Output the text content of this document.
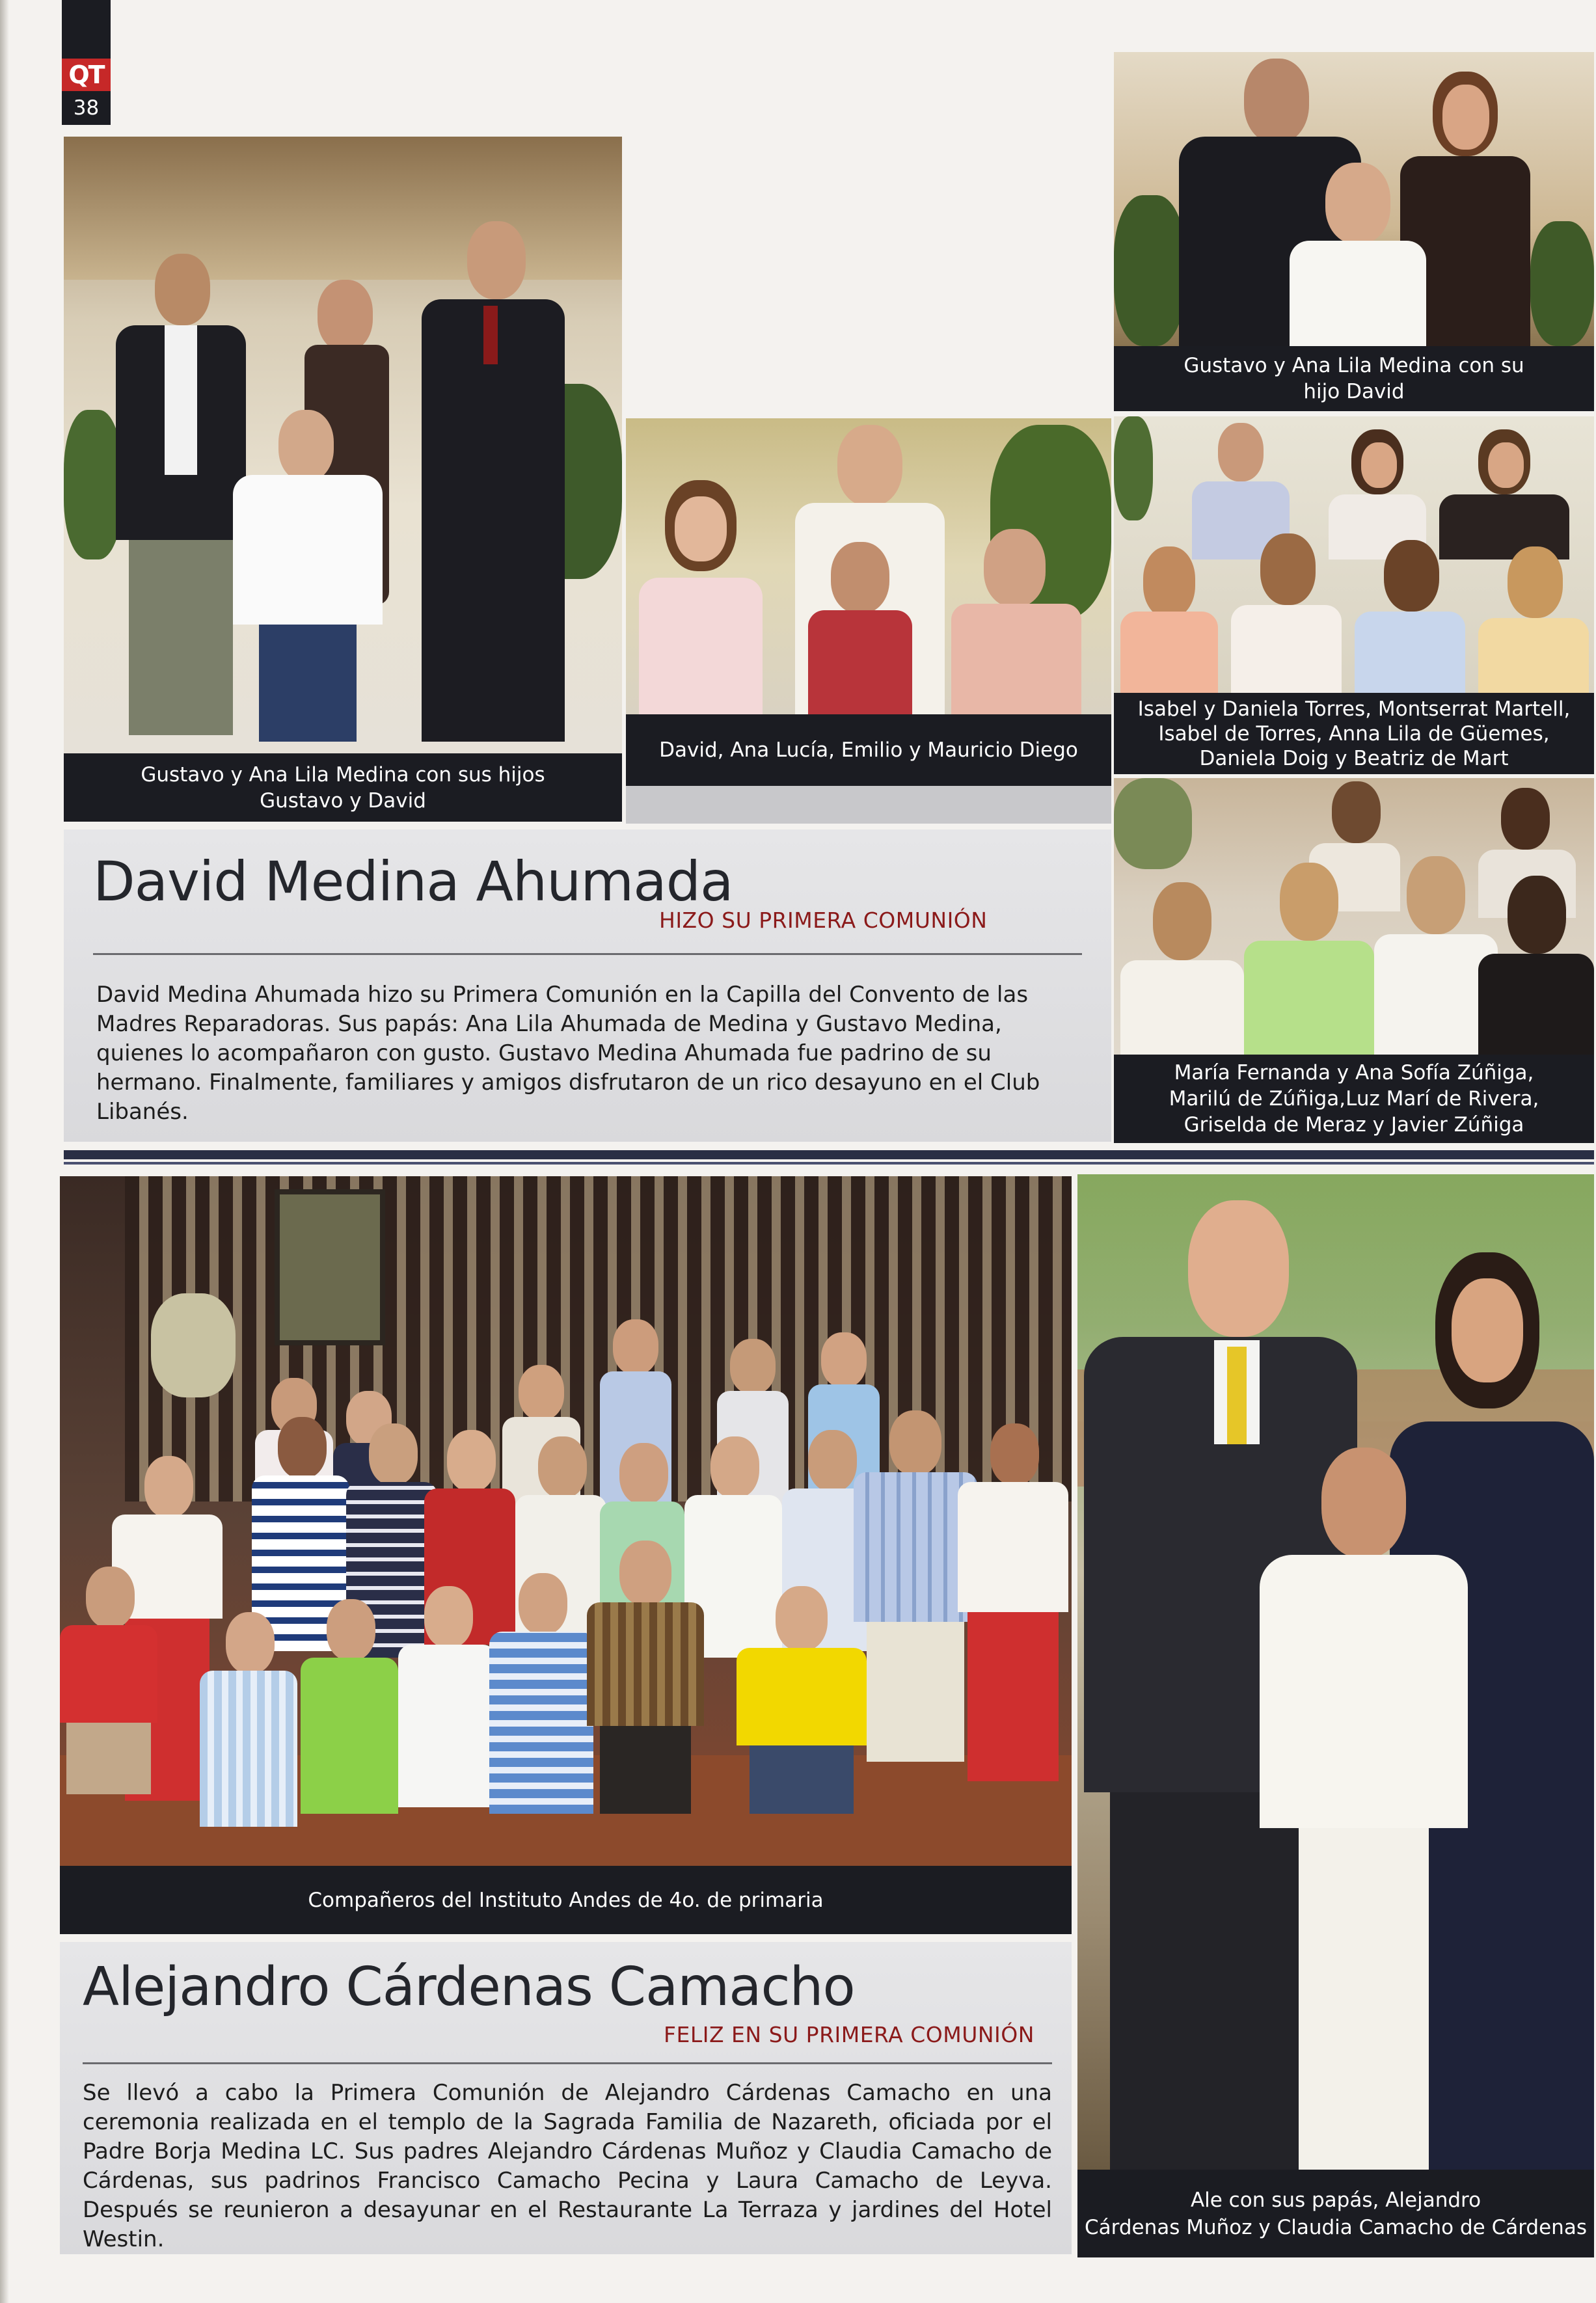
QT
38
Gustavo y Ana Lila Medina con sus hijos
Gustavo y David
David, Ana Lucía, Emilio y Mauricio Diego
Gustavo y Ana Lila Medina con su
hijo David
Isabel y Daniela Torres, Montserrat Martell,
Isabel de Torres, Anna Lila de Güemes,
Daniela Doig y Beatriz de Mart
María Fernanda y Ana Sofía Zúñiga,
Marilú de Zúñiga,Luz Marí de Rivera,
Griselda de Meraz y Javier Zúñiga
David Medina Ahumada
HIZO SU PRIMERA COMUNIÓN
David Medina Ahumada hizo su Primera Comunión en la Capilla del Convento de las Madres Reparadoras. Sus papás: Ana Lila Ahumada de Medina y Gustavo Medina, quienes lo acompañaron con gusto. Gustavo Medina Ahumada fue padrino de su hermano. Finalmente, familiares y amigos disfrutaron de un rico desayuno en el Club Libanés.
Compañeros del Instituto Andes de 4o. de primaria
Ale con sus papás, Alejandro
Cárdenas Muñoz y Claudia Camacho de Cárdenas
Alejandro Cárdenas Camacho
FELIZ EN SU PRIMERA COMUNIÓN
Se llevó a cabo la Primera Comunión de Alejandro Cárdenas Camacho en una ceremonia realizada en el templo de la Sagrada Familia de Nazareth, oficiada por el Padre Borja Medina LC. Sus padres Alejandro Cárdenas Muñoz y Claudia Camacho de Cárdenas, sus padrinos Francisco Camacho Pecina y Laura Camacho de Leyva. Después se reunieron a desayunar en el Restaurante La Terraza y jardines del Hotel Westin.
